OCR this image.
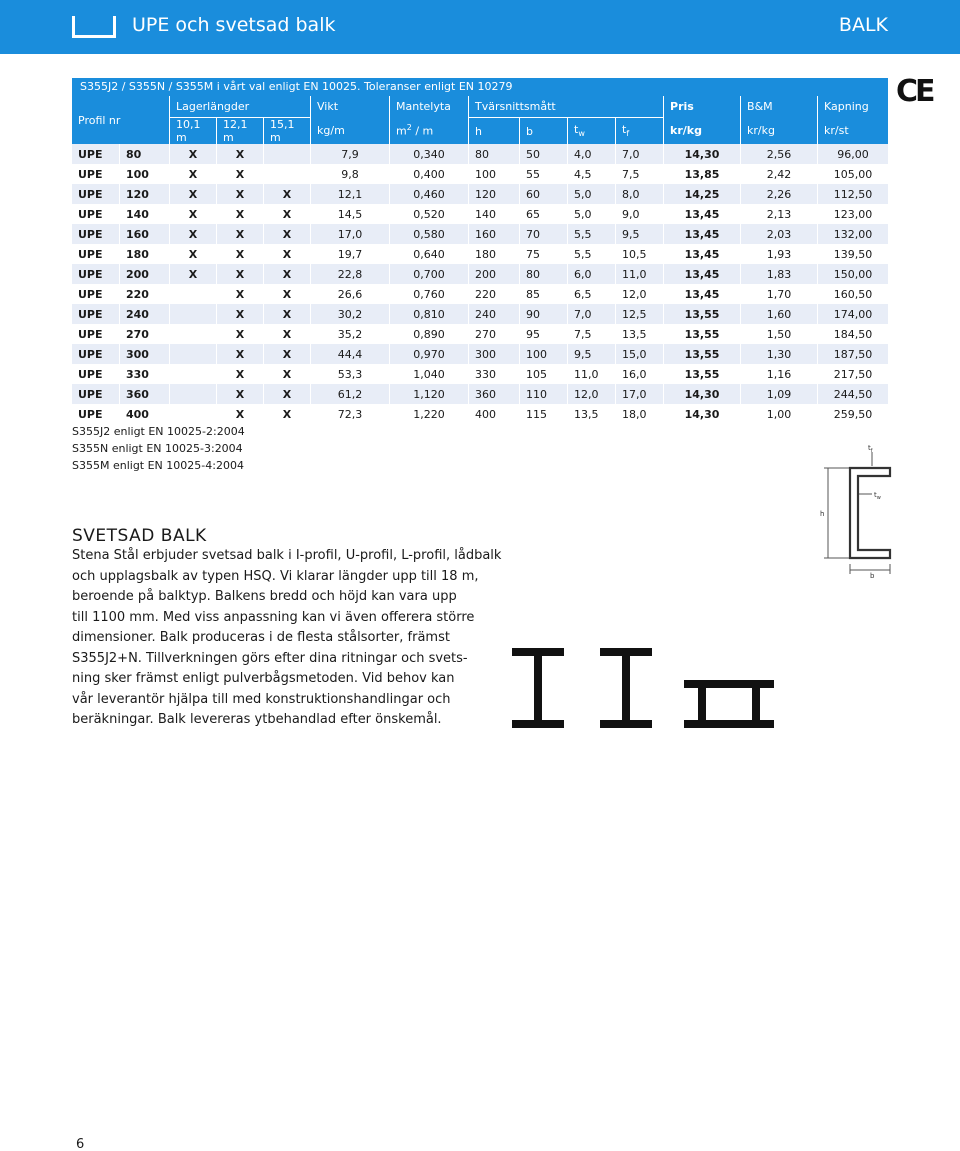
UPE och svetsad balk	BALK
S355J2 / S355N / S355M i vårt val enligt EN 10025. Toleranser enligt EN 10279
Profil nr		Lagerlängder			Vikt	Mantelyta	Tvärsnittsmått				Pris	B&M	Kapning
		10,1 m	12,1 m	15,1 m	kg/m	$m^2$ / m	h	b	$t_w$	$t_f$	kr/kg	kr/kg	kr/st
UPE	80	X	X		7,9	0,340	80	50	4,0	7,0	14,30	2,56	96,00
UPE	100	X	X		9,8	0,400	100	55	4,5	7,5	13,85	2,42	105,00
UPE	120	X	X	X	12,1	0,460	120	60	5,0	8,0	14,25	2,26	112,50
UPE	140	X	X	X	14,5	0,520	140	65	5,0	9,0	13,45	2,13	123,00
UPE	160	X	X	X	17,0	0,580	160	70	5,5	9,5	13,45	2,03	132,00
UPE	180	X	X	X	19,7	0,640	180	75	5,5	10,5	13,45	1,93	139,50
UPE	200	X	X	X	22,8	0,700	200	80	6,0	11,0	13,45	1,83	150,00
UPE	220		X	X	26,6	0,760	220	85	6,5	12,0	13,45	1,70	160,50
UPE	240		X	X	30,2	0,810	240	90	7,0	12,5	13,55	1,60	174,00
UPE	270		X	X	35,2	0,890	270	95	7,5	13,5	13,55	1,50	184,50
UPE	300		X	X	44,4	0,970	300	100	9,5	15,0	13,55	1,30	187,50
UPE	330		X	X	53,3	1,040	330	105	11,0	16,0	13,55	1,16	217,50
UPE	360		X	X	61,2	1,120	360	110	12,0	17,0	14,30	1,09	244,50
UPE	400		X	X	72,3	1,220	400	115	13,5	18,0	14,30	1,00	259,50
CE
S355J2 enligt EN 10025-2:2004
S355N enligt EN 10025-3:2004
S355M enligt EN 10025-4:2004
$t_f$
$t_w$
h
b
SVETSAD BALK
Stena Stål erbjuder svetsad balk i I-profil, U-profil, L-profil, lådbalk
och upplagsbalk av typen HSQ. Vi klarar längder upp till 18 m,
beroende på balktyp. Balkens bredd och höjd kan vara upp
till 1100 mm. Med viss anpassning kan vi även offerera större
dimensioner. Balk produceras i de flesta stålsorter, främst
S355J2+N. Tillverkningen görs efter dina ritningar och svets-
ning sker främst enligt pulverbågsmetoden. Vid behov kan
vår leverantör hjälpa till med konstruktionshandlingar och
beräkningar. Balk levereras ytbehandlad efter önskemål.
6
